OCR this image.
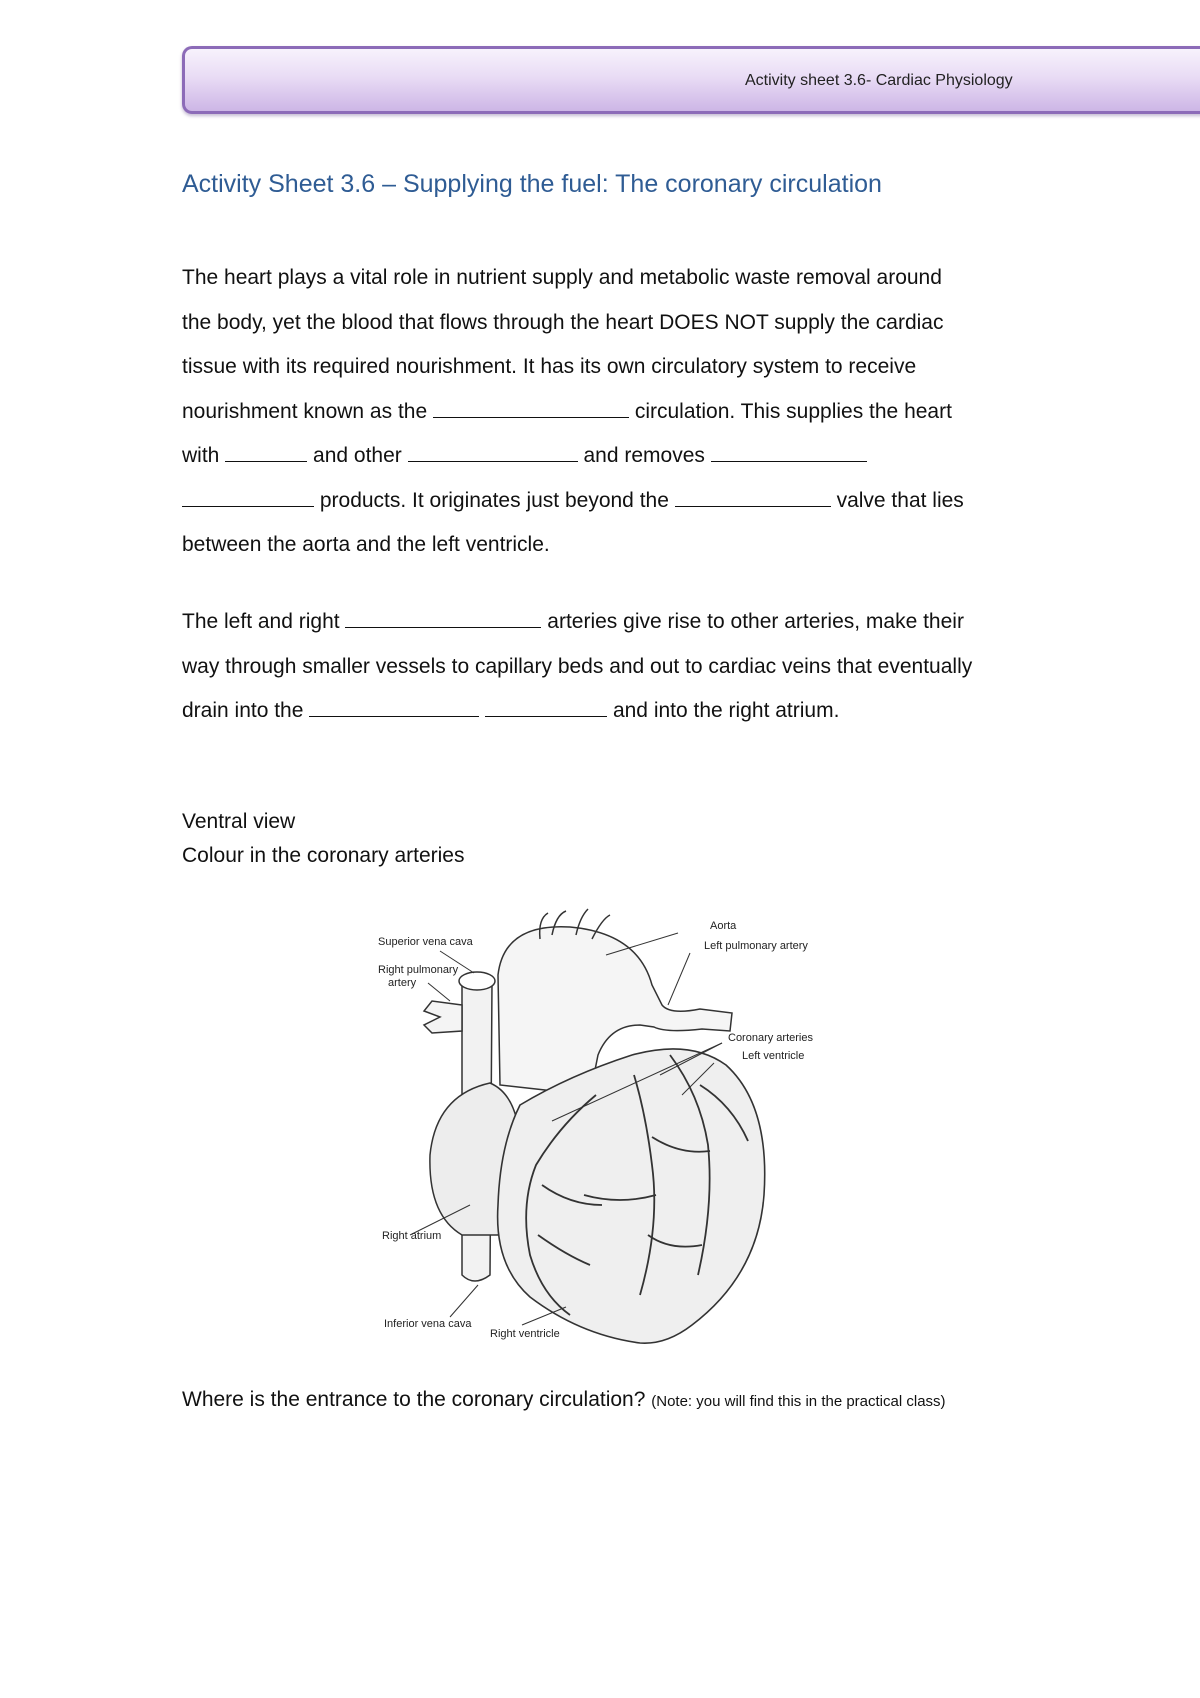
Activity sheet 3.6- Cardiac Physiology
Activity Sheet 3.6 – Supplying the fuel: The coronary circulation
The heart plays a vital role in nutrient supply and metabolic waste removal around
the body, yet the blood that flows through the heart DOES NOT supply the cardiac
tissue with its required nourishment. It has its own circulatory system to receive
nourishment known as the	circulation. This supplies the heart
with	and other	and removes
products. It originates just beyond the	valve that lies
between the aorta and the left ventricle.
The left and right	arteries give rise to other arteries, make their
way through smaller vessels to capillary beds and out to cardiac veins that eventually
drain into the	and into the right atrium.
Ventral view
Colour in the coronary arteries
Superior vena cava
Right pulmonary
artery
Aorta
Left pulmonary artery
Coronary arteries
Left ventricle
Right atrium
Inferior vena cava
Right ventricle
Where is the entrance to the coronary circulation? (Note: you will find this in the practical class)
